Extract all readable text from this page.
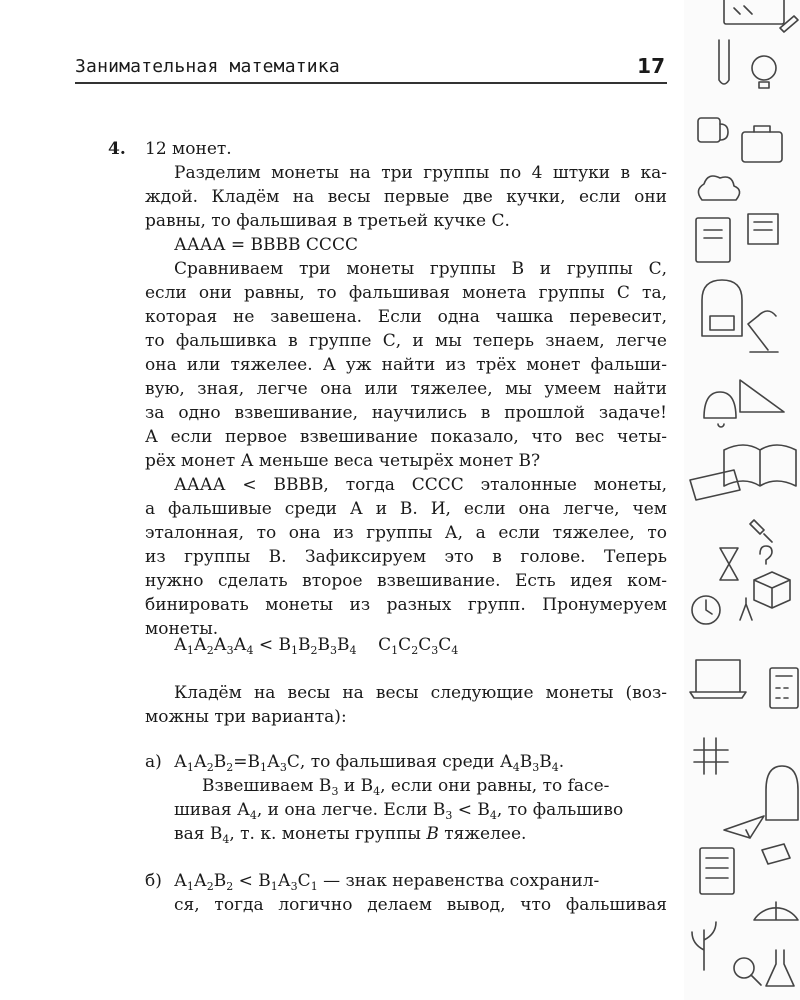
Занимательная математика	17
4. 12 монет.
Разделим монеты на три группы по 4 штуки в ка-
ждой. Кладём на весы первые две кучки, если они
равны, то фальшивая в третьей кучке С.
АААА = ВВВВ СССС
Сравниваем три монеты группы В и группы С,
если они равны, то фальшивая монета группы С та,
которая не завешена. Если одна чашка перевесит,
то фальшивка в группе С, и мы теперь знаем, легче
она или тяжелее. А уж найти из трёх монет фальши-
вую, зная, легче она или тяжелее, мы умеем найти
за одно взвешивание, научились в прошлой задаче!
А если первое взвешивание показало, что вес четы-
рёх монет А меньше веса четырёх монет В?
АААА < ВВВВ, тогда СССС эталонные монеты,
а фальшивые среди А и В. И, если она легче, чем
эталонная, то она из группы А, а если тяжелее, то
из группы В. Зафиксируем это в голове. Теперь
нужно сделать второе взвешивание. Есть идея ком-
бинировать монеты из разных групп. Пронумеруем
монеты.
$А_1А_2А_3А_4 < В_1В_2В_3В_4$    $С_1С_2С_3С_4$
Кладём на весы на весы следующие монеты (воз-
можны три варианта):
а) $А_1А_2В_2=В_1А_3С$, то фальшивая среди $А_4В_3В_4$.
Взвешиваем $В_3$ и $В_4$, если они равны, то face-
шивая $А_4$, и она легче. Если $В_3 < В_4$, то фальшиво
вая $В_4$, т. к. монеты группы B тяжелее.
б) $А_1А_2В_2 < В_1А_3С_1$ — знак неравенства сохранил-
ся, тогда логично делаем вывод, что фальшивая
